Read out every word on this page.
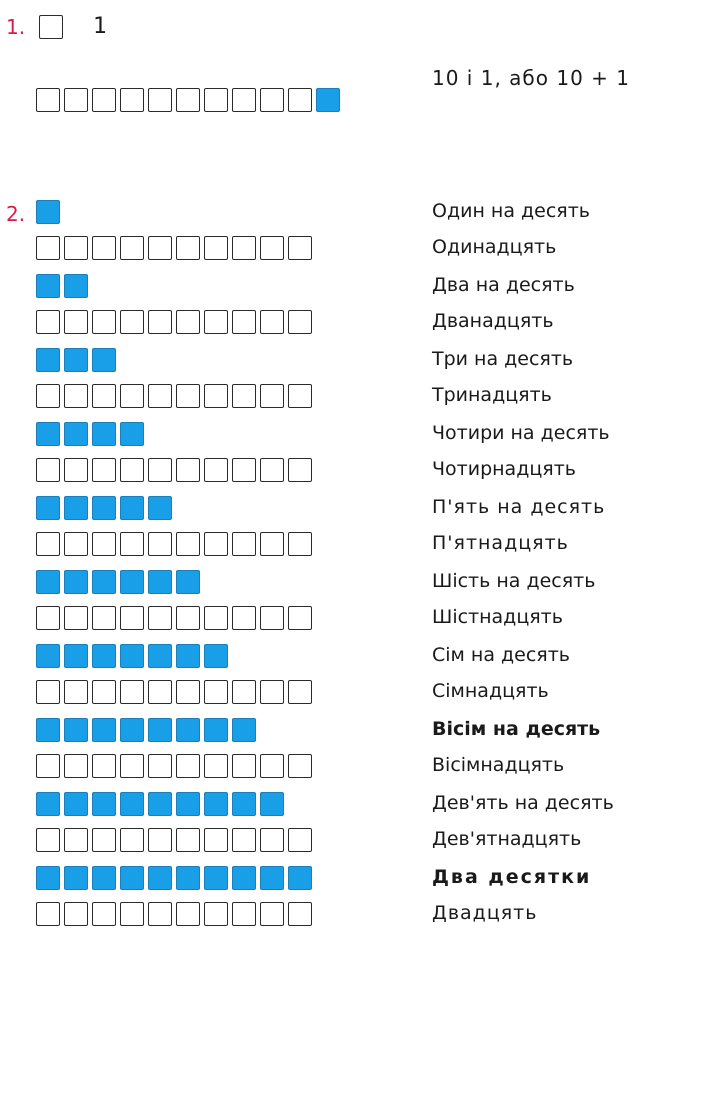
1.	1
10 і 1, або 10 + 1
2.	Один на десять
Одинадцять
Два на десять
Дванадцять
Три на десять
Тринадцять
Чотири на десять
Чотирнадцять
П'ять на десять
П'ятнадцять
Шість на десять
Шістнадцять
Сім на десять
Сімнадцять
Вісім на десять
Вісімнадцять
Дев'ять на десять
Дев'ятнадцять
Два десятки
Двадцять
